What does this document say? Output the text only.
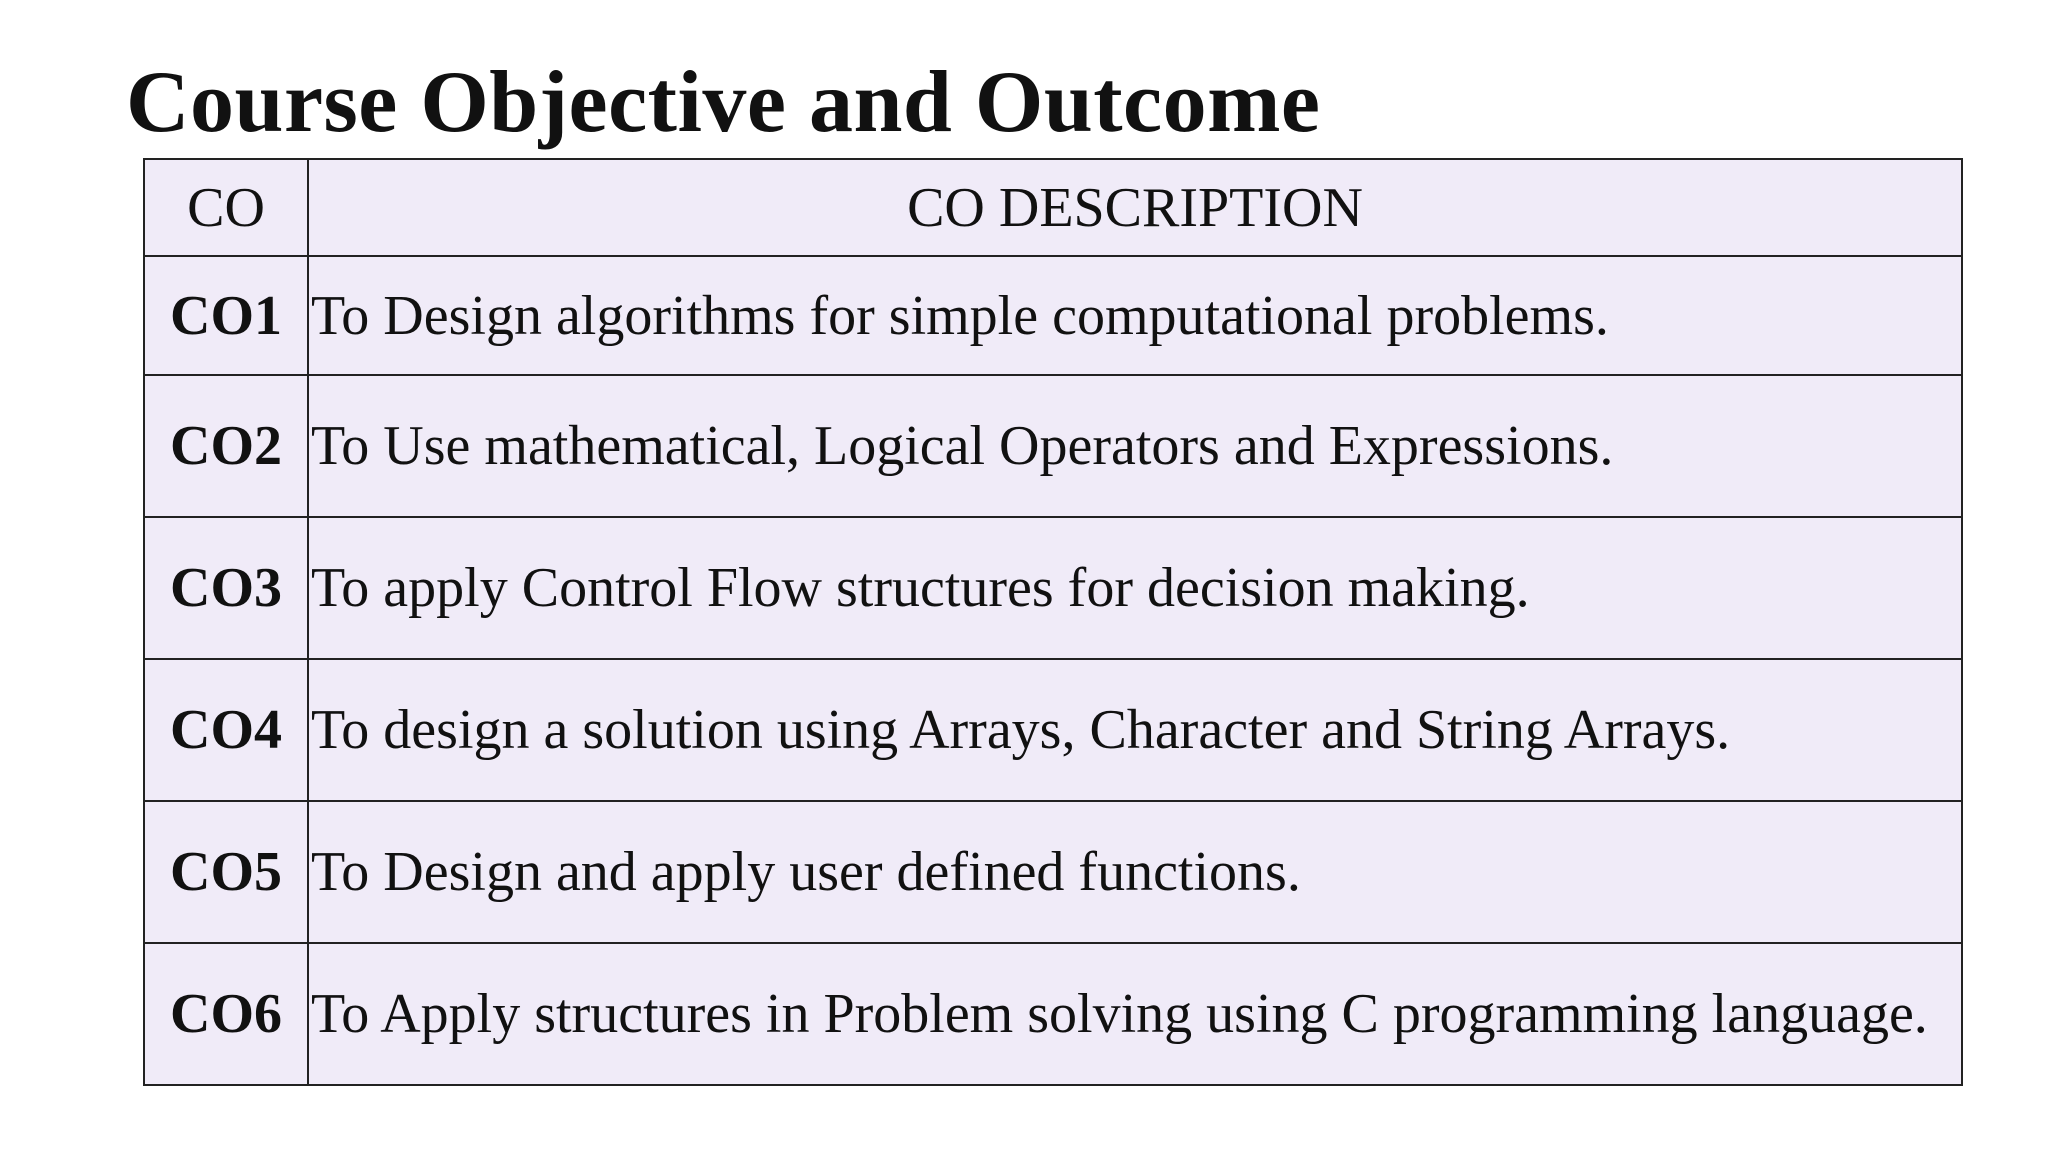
Course Objective and Outcome
CO	CO DESCRIPTION
CO1	To Design algorithms for simple computational problems.

CO2	To Use mathematical, Logical Operators and Expressions.

CO3	To apply Control Flow structures for decision making.

CO4	To design a solution using Arrays, Character and String Arrays.

CO5	To Design and apply user defined functions.

CO6	To Apply structures in Problem solving using C programming language.
